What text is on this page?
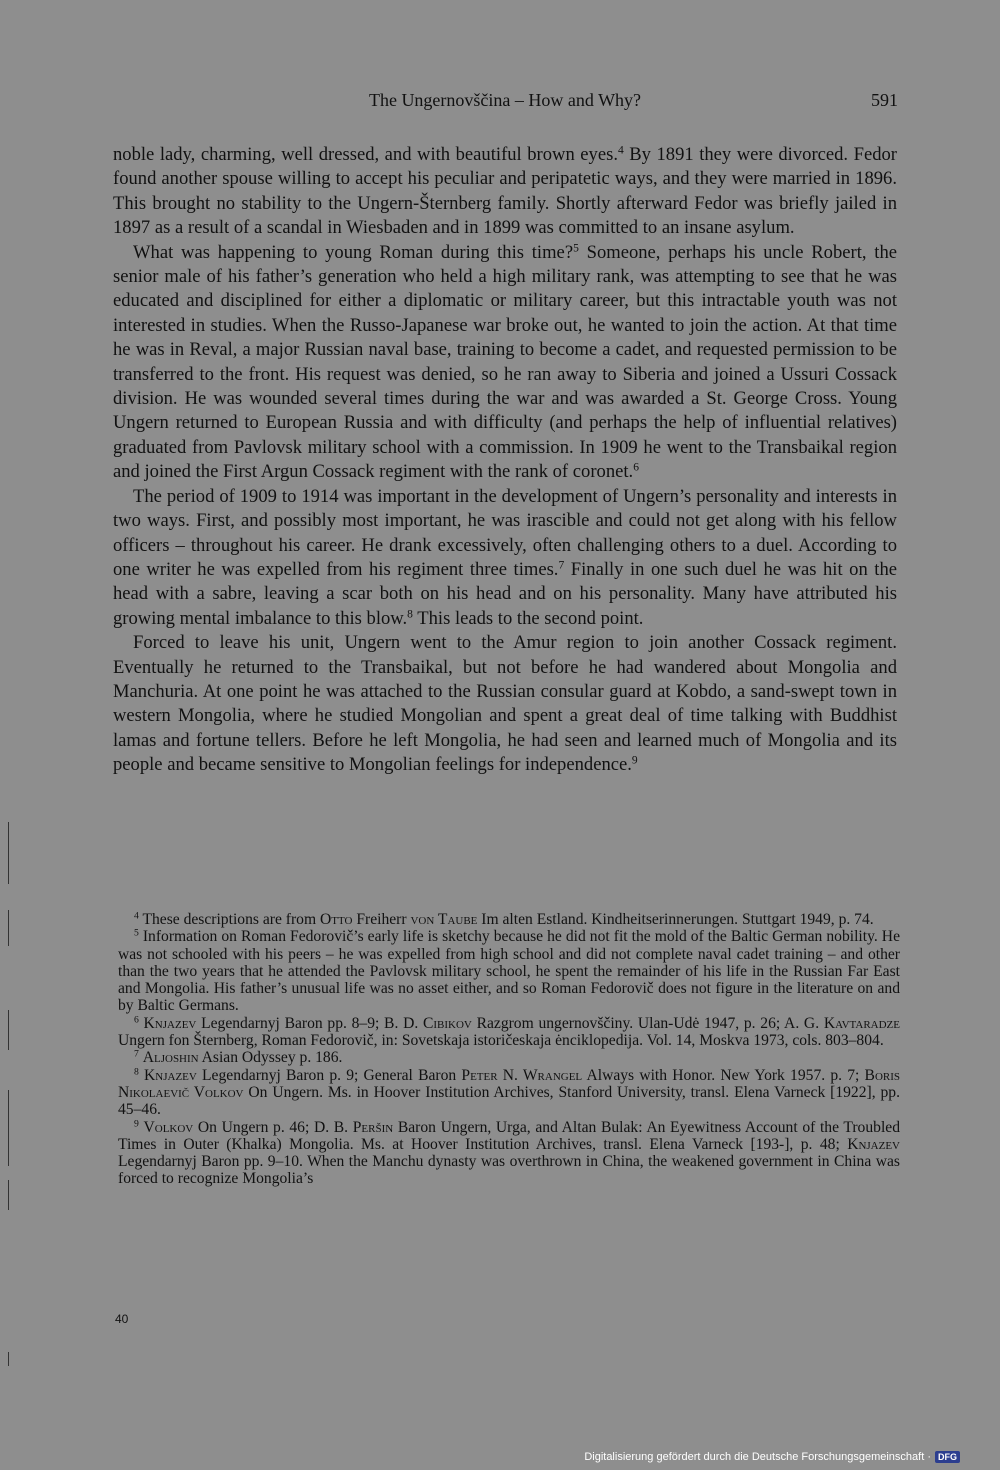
The Ungernovščina – How and Why?	591

noble lady, charming, well dressed, and with beautiful brown eyes.$^4$ By 1891 they were divorced. Fedor found another spouse willing to accept his peculiar and peripatetic ways, and they were married in 1896. This brought no stability to the Ungern-Šternberg family. Shortly afterward Fedor was briefly jailed in 1897 as a result of a scandal in Wiesbaden and in 1899 was committed to an insane asylum.

What was happening to young Roman during this time?$^5$ Someone, perhaps his uncle Robert, the senior male of his father’s generation who held a high military rank, was attempting to see that he was educated and disciplined for either a diplomatic or military career, but this intractable youth was not interested in studies. When the Russo-Japanese war broke out, he wanted to join the action. At that time he was in Reval, a major Russian naval base, training to become a cadet, and requested permission to be transferred to the front. His request was denied, so he ran away to Siberia and joined a Ussuri Cossack division. He was wounded several times during the war and was awarded a St. George Cross. Young Ungern returned to European Russia and with difficulty (and perhaps the help of influential relatives) graduated from Pavlovsk military school with a commission. In 1909 he went to the Transbaikal region and joined the First Argun Cossack regiment with the rank of coronet.$^6$

The period of 1909 to 1914 was important in the development of Ungern’s personality and interests in two ways. First, and possibly most important, he was irascible and could not get along with his fellow officers – throughout his career. He drank excessively, often challenging others to a duel. According to one writer he was expelled from his regiment three times.$^7$ Finally in one such duel he was hit on the head with a sabre, leaving a scar both on his head and on his personality. Many have attributed his growing mental imbalance to this blow.$^8$ This leads to the second point.

Forced to leave his unit, Ungern went to the Amur region to join another Cossack regiment. Eventually he returned to the Transbaikal, but not before he had wandered about Mongolia and Manchuria. At one point he was attached to the Russian consular guard at Kobdo, a sand-swept town in western Mongolia, where he studied Mongolian and spent a great deal of time talking with Buddhist lamas and fortune tellers. Before he left Mongolia, he had seen and learned much of Mongolia and its people and became sensitive to Mongolian feelings for independence.$^9$

$^4$ These descriptions are from Otto Freiherr von Taube Im alten Estland. Kindheitserinnerungen. Stuttgart 1949, p. 74.

$^5$ Information on Roman Fedorovič’s early life is sketchy because he did not fit the mold of the Baltic German nobility. He was not schooled with his peers – he was expelled from high school and did not complete naval cadet training – and other than the two years that he attended the Pavlovsk military school, he spent the remainder of his life in the Russian Far East and Mongolia. His father’s unusual life was no asset either, and so Roman Fedorovič does not figure in the literature on and by Baltic Germans.

$^6$ Knjazev Legendarnyj Baron pp. 8–9; B. D. Cibikov Razgrom ungernovščiny. Ulan-Udė 1947, p. 26; A. G. Kavtaradze Ungern fon Šternberg, Roman Fedorovič, in: Sovetskaja istoričeskaja ėnciklopedija. Vol. 14, Moskva 1973, cols. 803–804.

$^7$ Aljoshin Asian Odyssey p. 186.

$^8$ Knjazev Legendarnyj Baron p. 9; General Baron Peter N. Wrangel Always with Honor. New York 1957. p. 7; Boris Nikolaevič Volkov On Ungern. Ms. in Hoover Institution Archives, Stanford University, transl. Elena Varneck [1922], pp. 45–46.

$^9$ Volkov On Ungern p. 46; D. B. Peršin Baron Ungern, Urga, and Altan Bulak: An Eyewitness Account of the Troubled Times in Outer (Khalka) Mongolia. Ms. at Hoover Institution Archives, transl. Elena Varneck [193-], p. 48; Knjazev Legendarnyj Baron pp. 9–10. When the Manchu dynasty was overthrown in China, the weakened government in China was forced to recognize Mongolia’s

40
Digitalisierung gefördert durch die Deutsche Forschungsgemeinschaft · DFG
